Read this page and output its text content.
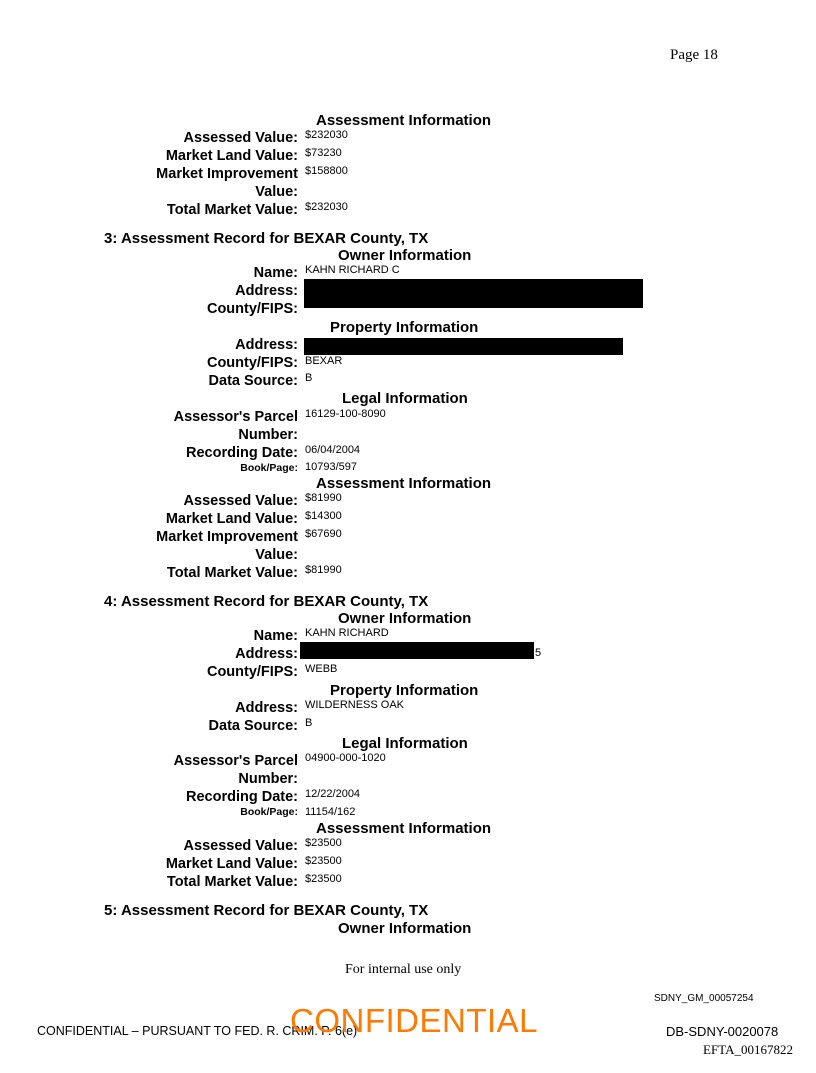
Page 18
Assessment Information
Assessed Value: $232030
Market Land Value: $73230
Market Improvement
Value:
$158800
Total Market Value: $232030
3: Assessment Record for BEXAR County, TX
Owner Information
Name: KAHN RICHARD C
Address:
County/FIPS:
Property Information
Address:
County/FIPS: BEXAR
Data Source: B
Legal Information
Assessor's Parcel
Number:
16129-100-8090
Recording Date: 06/04/2004
Book/Page: 10793/597
Assessment Information
Assessed Value: $81990
Market Land Value: $14300
Market Improvement
Value:
$67690
Total Market Value: $81990
4: Assessment Record for BEXAR County, TX
Owner Information
Name: KAHN RICHARD
Address:	5
County/FIPS: WEBB
Property Information
Address: WILDERNESS OAK
Data Source: B
Legal Information
Assessor's Parcel
Number:
04900-000-1020
Recording Date: 12/22/2004
Book/Page: 11154/162
Assessment Information
Assessed Value: $23500
Market Land Value: $23500
Total Market Value: $23500
5: Assessment Record for BEXAR County, TX
Owner Information
For internal use only
SDNY_GM_00057254
CONFIDENTIAL – PURSUANT TO FED. R. CRIM. P. 6(e)
CONFIDENTIAL	DB-SDNY-0020078
EFTA_00167822
